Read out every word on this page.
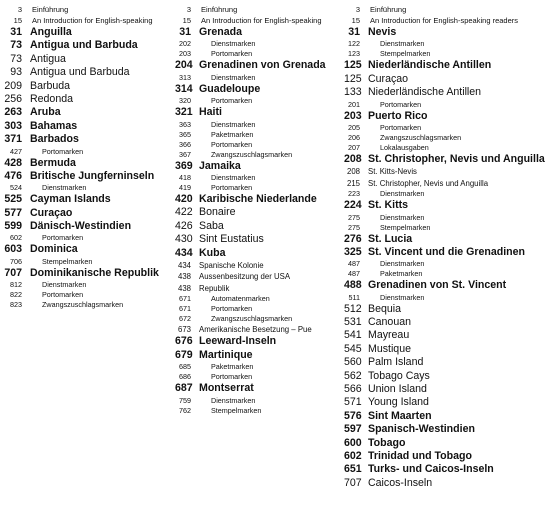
3 Einführung
15 An Introduction for English-speaking
31 Anguilla
73 Antigua und Barbuda
73 Antigua
93 Antigua und Barbuda
209 Barbuda
256 Redonda
263 Aruba
303 Bahamas
371 Barbados
427	Portomarken
428 Bermuda
476 Britische Jungferninseln
524	Dienstmarken
525 Cayman Islands
577 Curaçao
599 Dänisch-Westindien
602	Portomarken
603 Dominica
706	Stempelmarken
707 Dominikanische Republik
812	Dienstmarken
822	Portomarken
823	Zwangszuschlagsmarken
3 Einführung
15 An Introduction for English-speaking
31 Grenada
202	Dienstmarken
203	Portomarken
204 Grenadinen von Grenada
313	Dienstmarken
314 Guadeloupe
320	Portomarken
321 Haiti
363	Dienstmarken
365	Paketmarken
366	Portomarken
367	Zwangszuschlagsmarken
369 Jamaika
418	Dienstmarken
419	Portomarken
420 Karibische Niederlande
422 Bonaire
426 Saba
430 Sint Eustatius
434 Kuba
434 Spanische Kolonie
438 Aussenbesitzung der USA
438 Republik
671	Automatenmarken
671	Portomarken
672	Zwangszuschlagsmarken
673 Amerikanische Besetzung – Pue
676 Leeward-Inseln
679 Martinique
685	Paketmarken
686	Portomarken
687 Montserrat
759	Dienstmarken
762	Stempelmarken
3 Einführung
15 An Introduction for English-speaking readers
31 Nevis
122	Dienstmarken
123	Stempelmarken
125 Niederländische Antillen
125 Curaçao
133 Niederländische Antillen
201	Portomarken
203 Puerto Rico
205	Portomarken
206	Zwangszuschlagsmarken
207	Lokalausgaben
208 St. Christopher, Nevis und Anguilla
208 St. Kitts-Nevis
215 St. Christopher, Nevis und Anguilla
223	Dienstmarken
224 St. Kitts
275	Dienstmarken
275	Stempelmarken
276 St. Lucia
325 St. Vincent und die Grenadinen
487	Dienstmarken
487	Paketmarken
488 Grenadinen von St. Vincent
511	Dienstmarken
512 Bequia
531 Canouan
541 Mayreau
545 Mustique
560 Palm Island
562 Tobago Cays
566 Union Island
571 Young Island
576 Sint Maarten
597 Spanisch-Westindien
600 Tobago
602 Trinidad und Tobago
651 Turks- und Caicos-Inseln
707 Caicos-Inseln
